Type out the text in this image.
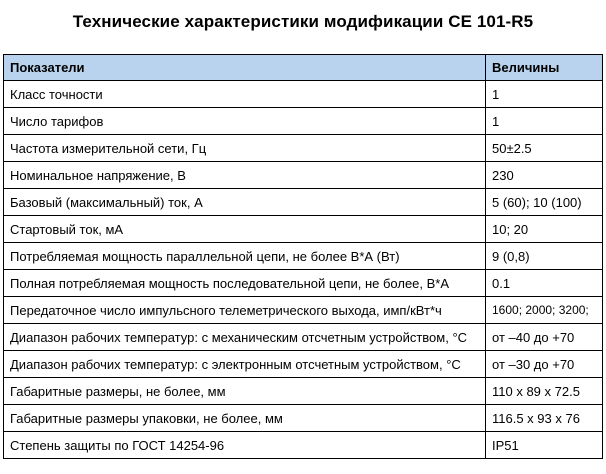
Технические характеристики модификации СЕ 101-R5
Показатели	Величины
Класс точности	1
Число тарифов	1
Частота измерительной сети, Гц	50±2.5
Номинальное напряжение, В	230
Базовый (максимальный) ток, А	5 (60); 10 (100)
Стартовый ток, мА	10; 20
Потребляемая мощность параллельной цепи, не более В*А (Вт)	9 (0,8)
Полная потребляемая мощность последовательной цепи, не более, В*А	0.1
Передаточное число импульсного телеметрического выхода, имп/кВт*ч	1600; 2000; 3200;
Диапазон рабочих температур: с механическим отсчетным устройством, °С	от –40 до +70
Диапазон рабочих температур: с электронным отсчетным устройством, °С	от –30 до +70
Габаритные размеры, не более, мм	110 х 89 х 72.5
Габаритные размеры упаковки, не более, мм	116.5 х 93 х 76
Степень защиты по ГОСТ 14254-96	IP51
